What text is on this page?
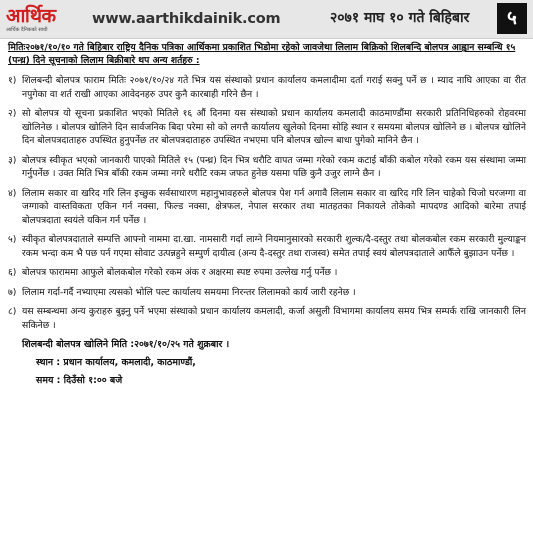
आर्थिक
आर्थिक दैनिकको साथी
www.aarthikdainik.com	२०७१ माघ १० गते बिहिबार	५

मितिः२०७१/१०/१० गते बिहिबार राष्ट्रिय दैनिक पत्रिका आर्थिकमा प्रकाशित भिडोमा रहेको जावजेथा लिलाम बिक्रिको शिलबन्दि बोलपत्र आह्वान सम्बन्धि १५ (पन्ध्र) दिने सूचनाको लिलाम बिक्रीबारे थप अन्य शर्तहरु :

१) शिलबन्दी बोलपत्र फाराम मितिः २०७१/१०/२४ गते भित्र यस संस्थाको प्रधान कार्यालय कमलादीमा दर्ता गराई सक्नु पर्ने छ । म्याद नाघि आएका वा रीत नपुगेका वा शर्त राखी आएका आवेदनहरु उपर कुनै कारबाही गरिने छैन ।
२) सो बोलपत्र यो सूचना प्रकाशित भएको मितिले १६ औं दिनमा यस संस्थाको प्रधान कार्यालय कमलादी काठमाण्डौंमा सरकारी प्रतिनिधिहरुको रोहवरमा खोलिनेछ । बोलपत्र खोलिने दिन सार्वजनिक बिदा परेमा सो को लगत्तै कार्यालय खुलेको दिनमा सोहि स्थान र समयमा बोलपत्र खोलिने छ । बोलपत्र खोलिने दिन बोलपत्रदाताहरु उपस्थित हुनुपर्नेछ तर बोलपत्रदाताहरु उपस्थित नभएमा पनि बोलपत्र खोल्न बाधा पुगेको मानिने छैन ।
३) बोलपत्र स्वीकृत भएको जानकारी पाएको मितिले १५ (पन्ध्र) दिन भित्र धरौटि वापत जम्मा गरेको रकम कटाई बाँकी कबोल गरेको रकम यस संस्थामा जम्मा गर्नुपर्नेछ । उक्त मिति भित्र बाँकी रकम जम्मा नगरे धरौटि रकम जफत हुनेछ यसमा पछि कुनै उजुर लाग्ने छैन ।
४) लिलाम सकार वा खरिद गरि लिन इच्छुक सर्वसाधारण महानुभावहरुले बोलपत्र पेश गर्न अगावै लिलाम सकार वा खरिद गरि लिन चाहेको चिजो घरजग्गा वा जग्गाको वास्तविकता एकिन गर्न नक्सा, फिल्ड नक्सा, क्षेत्रफल, नेपाल सरकार तथा मातहतका निकायले तोकेको मापदण्ड आदिको बारेमा तपाई बोलपत्रदाता स्वयंले यकिन गर्न पर्नेछ ।
५) स्वीकृत बोलपत्रदाताले सम्पत्ति आफ्नो नाममा दा.खा. नामसारी गर्दा लाग्ने नियमानुसारको सरकारी शुल्क/दै-दस्तुर तथा बोलकबोल रकम सरकारी मुल्याङ्कन रकम भन्दा कम भै पछ पर्न गएमा सोवाट उत्पन्नहुने सम्पुर्ण दायीत्व (अन्य दै-दस्तुर तथा राजस्व) समेत तपाई स्वयं बोलपत्रदाताले आफैँले बुझाउन पर्नेछ ।
६) बोलपत्र फाराममा आफुले बोलकबोल गरेको रकम अंक र अक्षरमा स्पष्ट रुपमा उल्लेख गर्नु पर्नेछ ।
७) लिलाम गर्दा-गर्दै नभ्याएमा त्यसको भोलि पल्ट कार्यालय समयमा निरन्तर लिलामको कार्य जारी रहनेछ ।
८) यस सम्बन्धमा अन्य कुराहरु बुझ्नु पर्ने भएमा संस्थाको प्रधान कार्यालय कमलादी, कर्जा असुली विभागमा कार्यालय समय भित्र सम्पर्क राखि जानकारी लिन सकिनेछ ।
शिलबन्दी बोलपत्र खोलिने मिति :२०७१/१०/२५ गते शुक्रबार ।
स्थान : प्रधान कार्यालय, कमलादी, काठमाण्डौं,
समय : दिउँसो १:०० बजे
